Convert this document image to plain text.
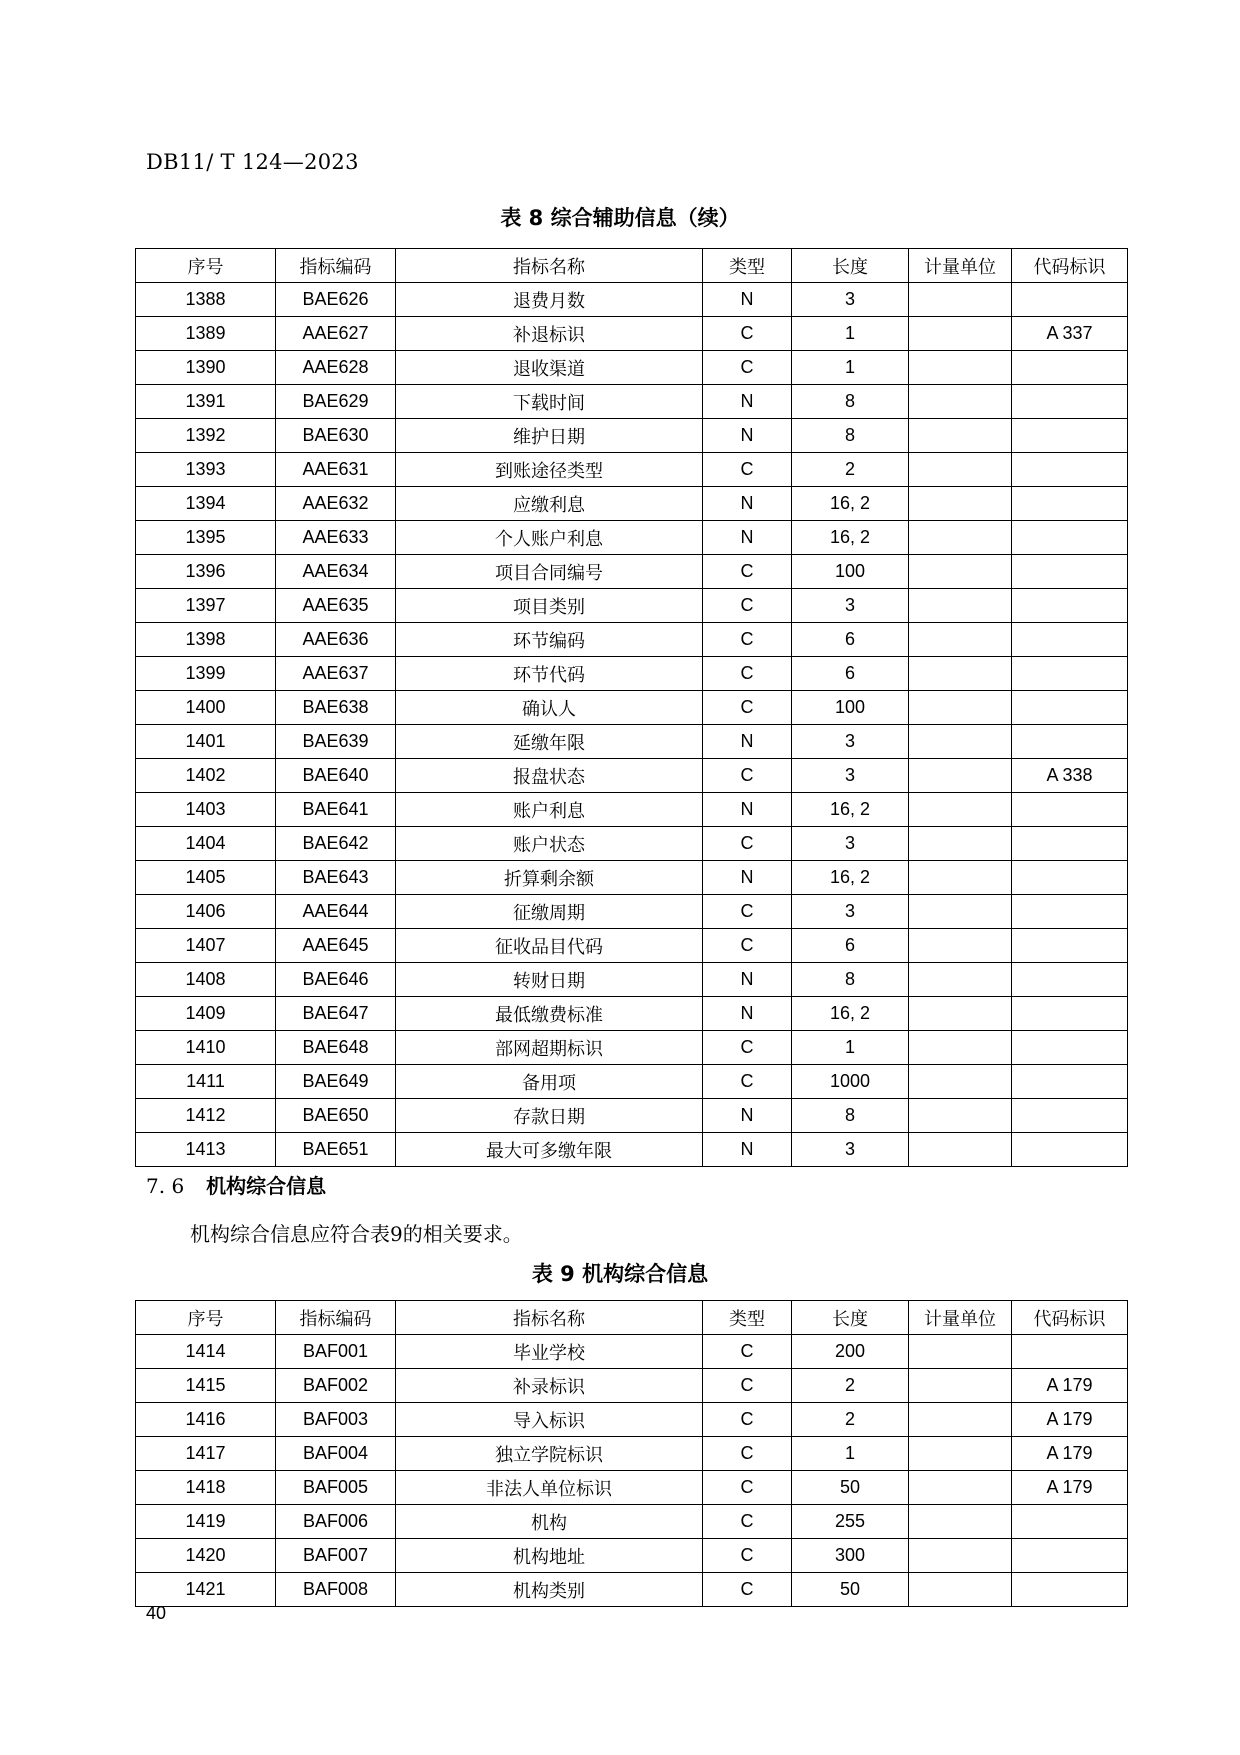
DB11/ T 124—2023
表 8 综合辅助信息（续）
序号	指标编码	指标名称	类型	长度	计量单位	代码标识
1388	BAE626	退费月数	N	3		
1389	AAE627	补退标识	C	1		A 337
1390	AAE628	退收渠道	C	1		
1391	BAE629	下载时间	N	8		
1392	BAE630	维护日期	N	8		
1393	AAE631	到账途径类型	C	2		
1394	AAE632	应缴利息	N	16, 2		
1395	AAE633	个人账户利息	N	16, 2		
1396	AAE634	项目合同编号	C	100		
1397	AAE635	项目类别	C	3		
1398	AAE636	环节编码	C	6		
1399	AAE637	环节代码	C	6		
1400	BAE638	确认人	C	100		
1401	BAE639	延缴年限	N	3		
1402	BAE640	报盘状态	C	3		A 338
1403	BAE641	账户利息	N	16, 2		
1404	BAE642	账户状态	C	3		
1405	BAE643	折算剩余额	N	16, 2		
1406	AAE644	征缴周期	C	3		
1407	AAE645	征收品目代码	C	6		
1408	BAE646	转财日期	N	8		
1409	BAE647	最低缴费标准	N	16, 2		
1410	BAE648	部网超期标识	C	1		
1411	BAE649	备用项	C	1000		
1412	BAE650	存款日期	N	8		
1413	BAE651	最大可多缴年限	N	3		
7. 6 机构综合信息
机构综合信息应符合表9的相关要求。
表 9 机构综合信息
序号	指标编码	指标名称	类型	长度	计量单位	代码标识
1414	BAF001	毕业学校	C	200		
1415	BAF002	补录标识	C	2		A 179
1416	BAF003	导入标识	C	2		A 179
1417	BAF004	独立学院标识	C	1		A 179
1418	BAF005	非法人单位标识	C	50		A 179
1419	BAF006	机构	C	255		
1420	BAF007	机构地址	C	300		
1421	BAF008	机构类别	C	50		
40
